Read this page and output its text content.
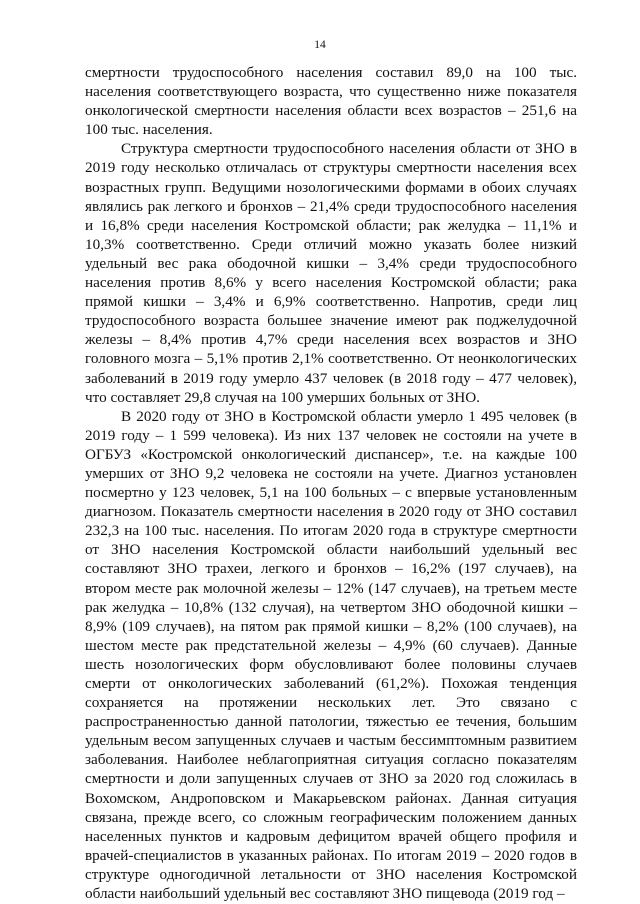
14

смертности трудоспособного населения составил 89,0 на 100 тыс. населения соответствующего возраста, что существенно ниже показателя онкологической смертности населения области всех возрастов – 251,6 на 100 тыс. населения.

Структура смертности трудоспособного населения области от ЗНО в 2019 году несколько отличалась от структуры смертности населения всех возрастных групп. Ведущими нозологическими формами в обоих случаях являлись рак легкого и бронхов – 21,4% среди трудоспособного населения и 16,8% среди населения Костромской области; рак желудка – 11,1% и 10,3% соответственно. Среди отличий можно указать более низкий удельный вес рака ободочной кишки – 3,4% среди трудоспособного населения против 8,6% у всего населения Костромской области; рака прямой кишки – 3,4% и 6,9% соответственно. Напротив, среди лиц трудоспособного возраста большее значение имеют рак поджелудочной железы – 8,4% против 4,7% среди населения всех возрастов и ЗНО головного мозга – 5,1% против 2,1% соответственно. От неонкологических заболеваний в 2019 году умерло 437 человек (в 2018 году – 477 человек), что составляет 29,8 случая на 100 умерших больных от ЗНО.

В 2020 году от ЗНО в Костромской области умерло 1 495 человек (в 2019 году – 1 599 человека). Из них 137 человек не состояли на учете в ОГБУЗ «Костромской онкологический диспансер», т.е. на каждые 100 умерших от ЗНО 9,2 человека не состояли на учете. Диагноз установлен посмертно у 123 человек, 5,1 на 100 больных – с впервые установленным диагнозом. Показатель смертности населения в 2020 году от ЗНО составил 232,3 на 100 тыс. населения. По итогам 2020 года в структуре смертности от ЗНО населения Костромской области наибольший удельный вес составляют ЗНО трахеи, легкого и бронхов – 16,2% (197 случаев), на втором месте рак молочной железы – 12% (147 случаев), на третьем месте рак желудка – 10,8% (132 случая), на четвертом ЗНО ободочной кишки – 8,9% (109 случаев), на пятом рак прямой кишки – 8,2% (100 случаев), на шестом месте рак предстательной железы – 4,9% (60 случаев). Данные шесть нозологических форм обусловливают более половины случаев смерти от онкологических заболеваний (61,2%). Похожая тенденция сохраняется на протяжении нескольких лет. Это связано с распространенностью данной патологии, тяжестью ее течения, большим удельным весом запущенных случаев и частым бессимптомным развитием заболевания. Наиболее неблагоприятная ситуация согласно показателям смертности и доли запущенных случаев от ЗНО за 2020 год сложилась в Вохомском, Андроповском и Макарьевском районах. Данная ситуация связана, прежде всего, со сложным географическим положением данных населенных пунктов и кадровым дефицитом врачей общего профиля и врачей-специалистов в указанных районах. По итогам 2019 – 2020 годов в структуре одногодичной летальности от ЗНО населения Костромской области наибольший удельный вес составляют ЗНО пищевода (2019 год –
